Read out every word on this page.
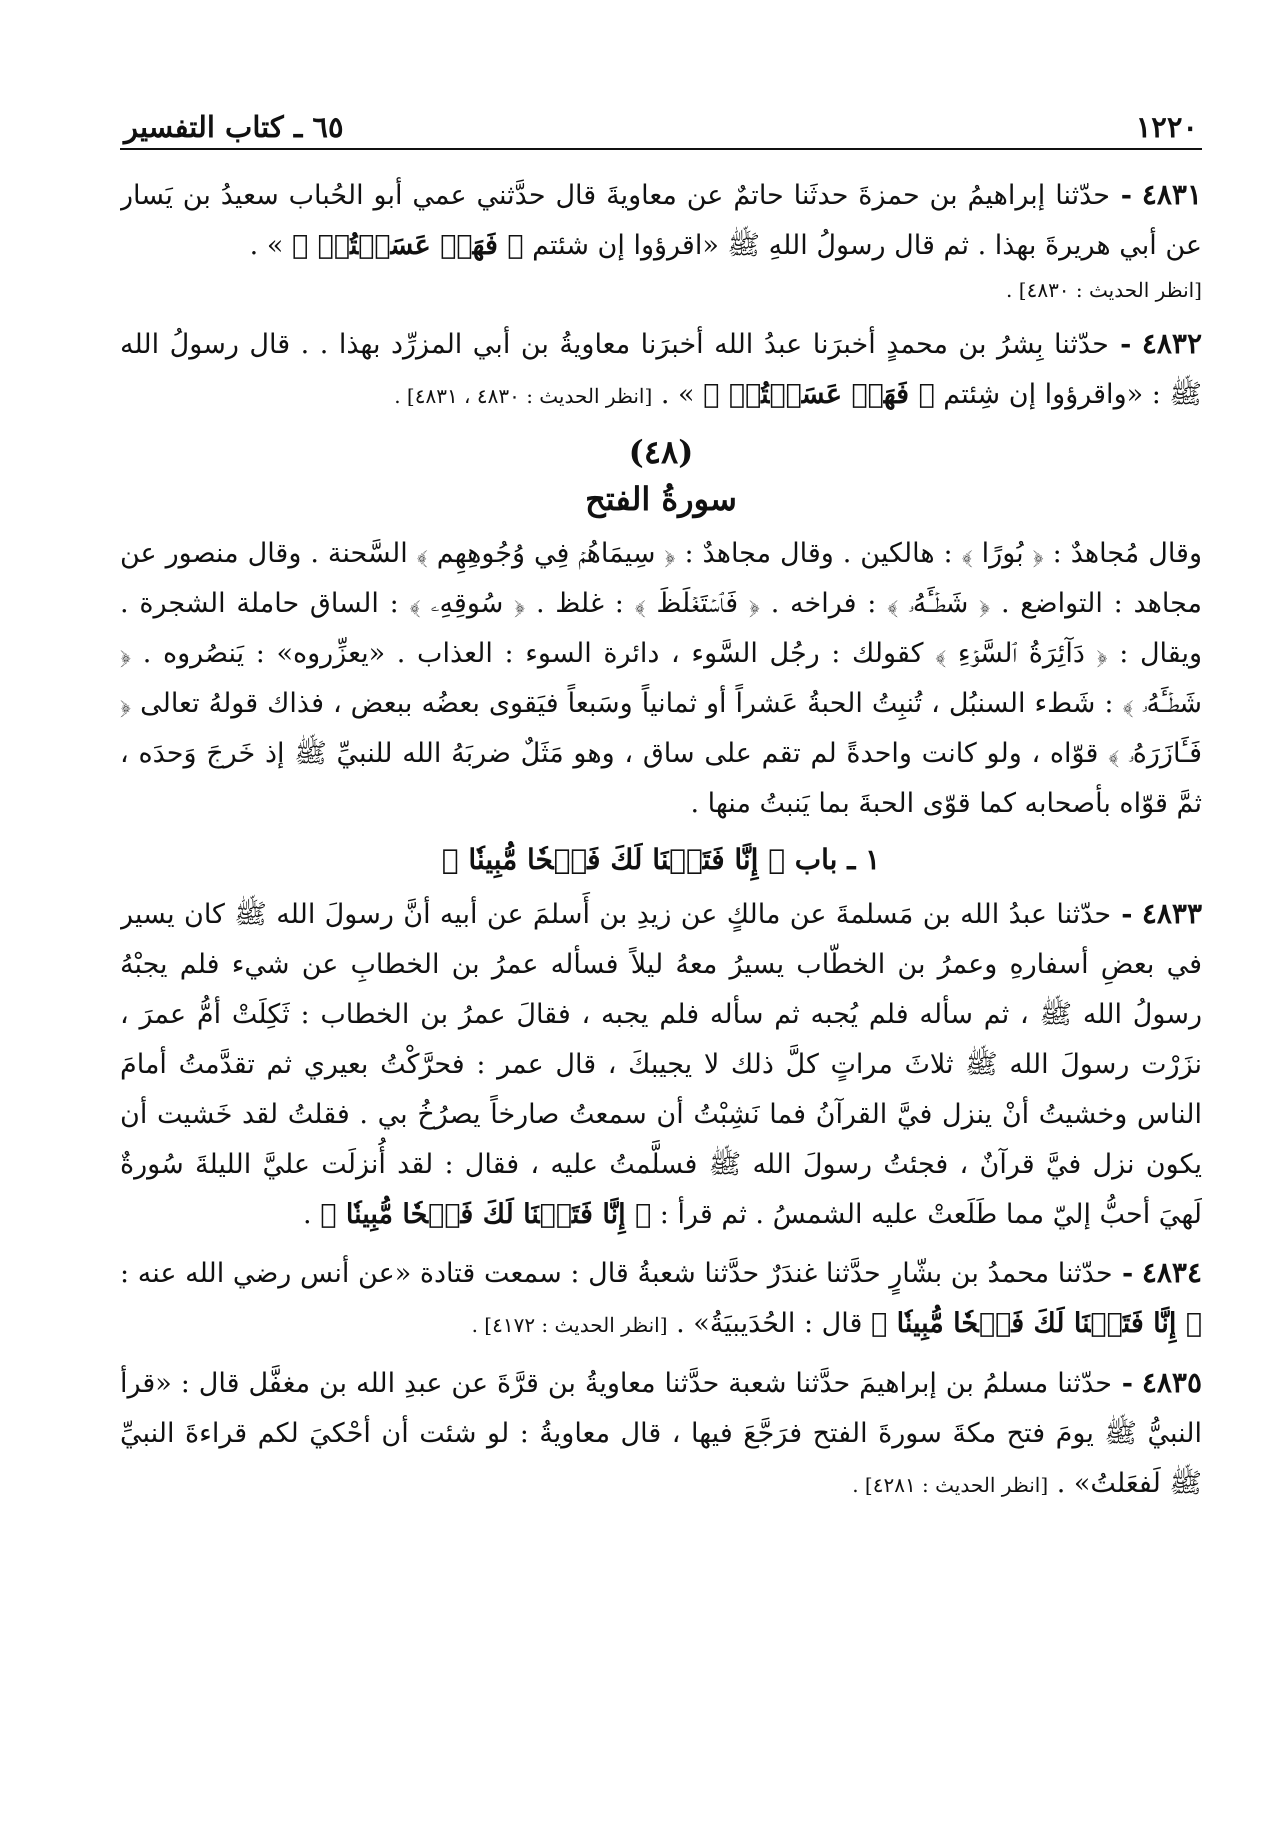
١٢٢٠
٦٥ ـ كتاب التفسير

٤٨٣١ - حدّثنا إبراهيمُ بن حمزةَ حدثَنا حاتمٌ عن معاويةَ قال حدَّثني عمي أبو الحُباب سعيدُ بن يَسار عن أبي هريرةَ بهذا . ثم قال رسولُ اللهِ ﷺ «اقرؤوا إن شئتم ﴿ فَهَلۡ عَسَيۡتُمۡ ﴾ » .

[انظر الحديث : ٤٨٣٠] .

٤٨٣٢ - حدّثنا بِشرُ بن محمدٍ أخبرَنا عبدُ الله أخبرَنا معاويةُ بن أبي المزرِّد بهذا . . قال رسولُ الله ﷺ : «واقرؤوا إن شِئتم ﴿ فَهَلۡ عَسَيۡتُمۡ ﴾ » . [انظر الحديث : ٤٨٣٠ ، ٤٨٣١] .

(٤٨)
سورةُ الفتح

وقال مُجاهدٌ : ﴿ بُورًا ﴾ : هالكين . وقال مجاهدٌ : ﴿ سِيمَاهُمۡ فِي وُجُوهِهِم ﴾ السَّحنة . وقال منصور عن مجاهد : التواضع . ﴿ شَطۡـَٔهُۥ ﴾ : فراخه . ﴿ فَٱسۡتَغۡلَظَ ﴾ : غلظ . ﴿ سُوقِهِۦ ﴾ : الساق حاملة الشجرة . ويقال : ﴿ دَآئِرَةُ ٱلسَّوۡءِ ﴾ كقولك : رجُل السَّوء ، دائرة السوء : العذاب . «يعزِّروه» : يَنصُروه . ﴿ شَطۡـَٔهُۥ ﴾ : شَطء السنبُل ، تُنبِتُ الحبةُ عَشراً أو ثمانياً وسَبعاً فيَقوى بعضُه ببعض ، فذاك قولهُ تعالى ﴿ فَـَٔازَرَهُۥ ﴾ قوّاه ، ولو كانت واحدةً لم تقم على ساق ، وهو مَثَلٌ ضربَهُ الله للنبيِّ ﷺ إذ خَرجَ وَحدَه ، ثمَّ قوّاه بأصحابه كما قوّى الحبةَ بما يَنبتُ منها .

١ ـ باب ﴿ إِنَّا فَتَحۡنَا لَكَ فَتۡحٗا مُّبِينٗا ﴾

٤٨٣٣ - حدّثنا عبدُ الله بن مَسلمةَ عن مالكٍ عن زيدِ بن أَسلمَ عن أبيه أنَّ رسولَ الله ﷺ كان يسير في بعضِ أسفارهِ وعمرُ بن الخطّاب يسيرُ معهُ ليلاً فسأله عمرُ بن الخطابِ عن شيء فلم يجبْهُ رسولُ الله ﷺ ، ثم سأله فلم يُجبه ثم سأله فلم يجبه ، فقالَ عمرُ بن الخطاب : ثَكِلَتْ أمُّ عمرَ ، نزَرْت رسولَ الله ﷺ ثلاثَ مراتٍ كلَّ ذلك لا يجيبكَ ، قال عمر : فحرَّكْتُ بعيري ثم تقدَّمتُ أمامَ الناس وخشيتُ أنْ ينزل فيَّ القرآنُ فما نَشِبْتُ أن سمعتُ صارخاً يصرُخُ بي . فقلتُ لقد خَشيت أن يكون نزل فيَّ قرآنٌ ، فجئتُ رسولَ الله ﷺ فسلَّمتُ عليه ، فقال : لقد أُنزلَت عليَّ الليلةَ سُورةٌ لَهيَ أحبُّ إليّ مما طَلَعتْ عليه الشمسُ . ثم قرأ : ﴿ إِنَّا فَتَحۡنَا لَكَ فَتۡحٗا مُّبِينٗا ﴾ .

٤٨٣٤ - حدّثنا محمدُ بن بشّارٍ حدَّثنا غندَرٌ حدَّثنا شعبةُ قال : سمعت قتادة «عن أنس رضي الله عنه : ﴿ إِنَّا فَتَحۡنَا لَكَ فَتۡحٗا مُّبِينٗا ﴾ قال : الحُدَيبيَةُ» . [انظر الحديث : ٤١٧٢] .

٤٨٣٥ - حدّثنا مسلمُ بن إبراهيمَ حدَّثنا شعبة حدَّثنا معاويةُ بن قرَّةَ عن عبدِ الله بن مغفَّل قال : «قرأ النبيُّ ﷺ يومَ فتح مكةَ سورةَ الفتح فرَجَّعَ فيها ، قال معاويةُ : لو شئت أن أحْكيَ لكم قراءةَ النبيِّ ﷺ لَفعَلتُ» . [انظر الحديث : ٤٢٨١] .
